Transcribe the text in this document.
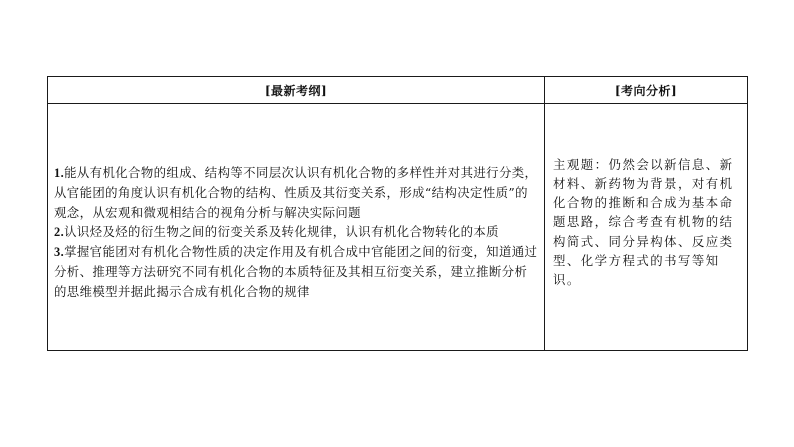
[最新考纲]	[考向分析]

1.能从有机化合物的组成、结构等不同层次认识有机化合物的多样性并对其进行分类，从官能团的角度认识有机化合物的结构、性质及其衍变关系，形成“结构决定性质”的观念，从宏观和微观相结合的视角分析与解决实际问题
2.认识烃及烃的衍生物之间的衍变关系及转化规律，认识有机化合物转化的本质
3.掌握官能团对有机化合物性质的决定作用及有机合成中官能团之间的衍变，知道通过分析、推理等方法研究不同有机化合物的本质特征及其相互衍变关系，建立推断分析的思维模型并据此揭示合成有机化合物的规律	主观题：仍然会以新信息、新材料、新药物为背景，对有机化合物的推断和合成为基本命题思路，综合考查有机物的结构简式、同分异构体、反应类型、化学方程式的书写等知识。
